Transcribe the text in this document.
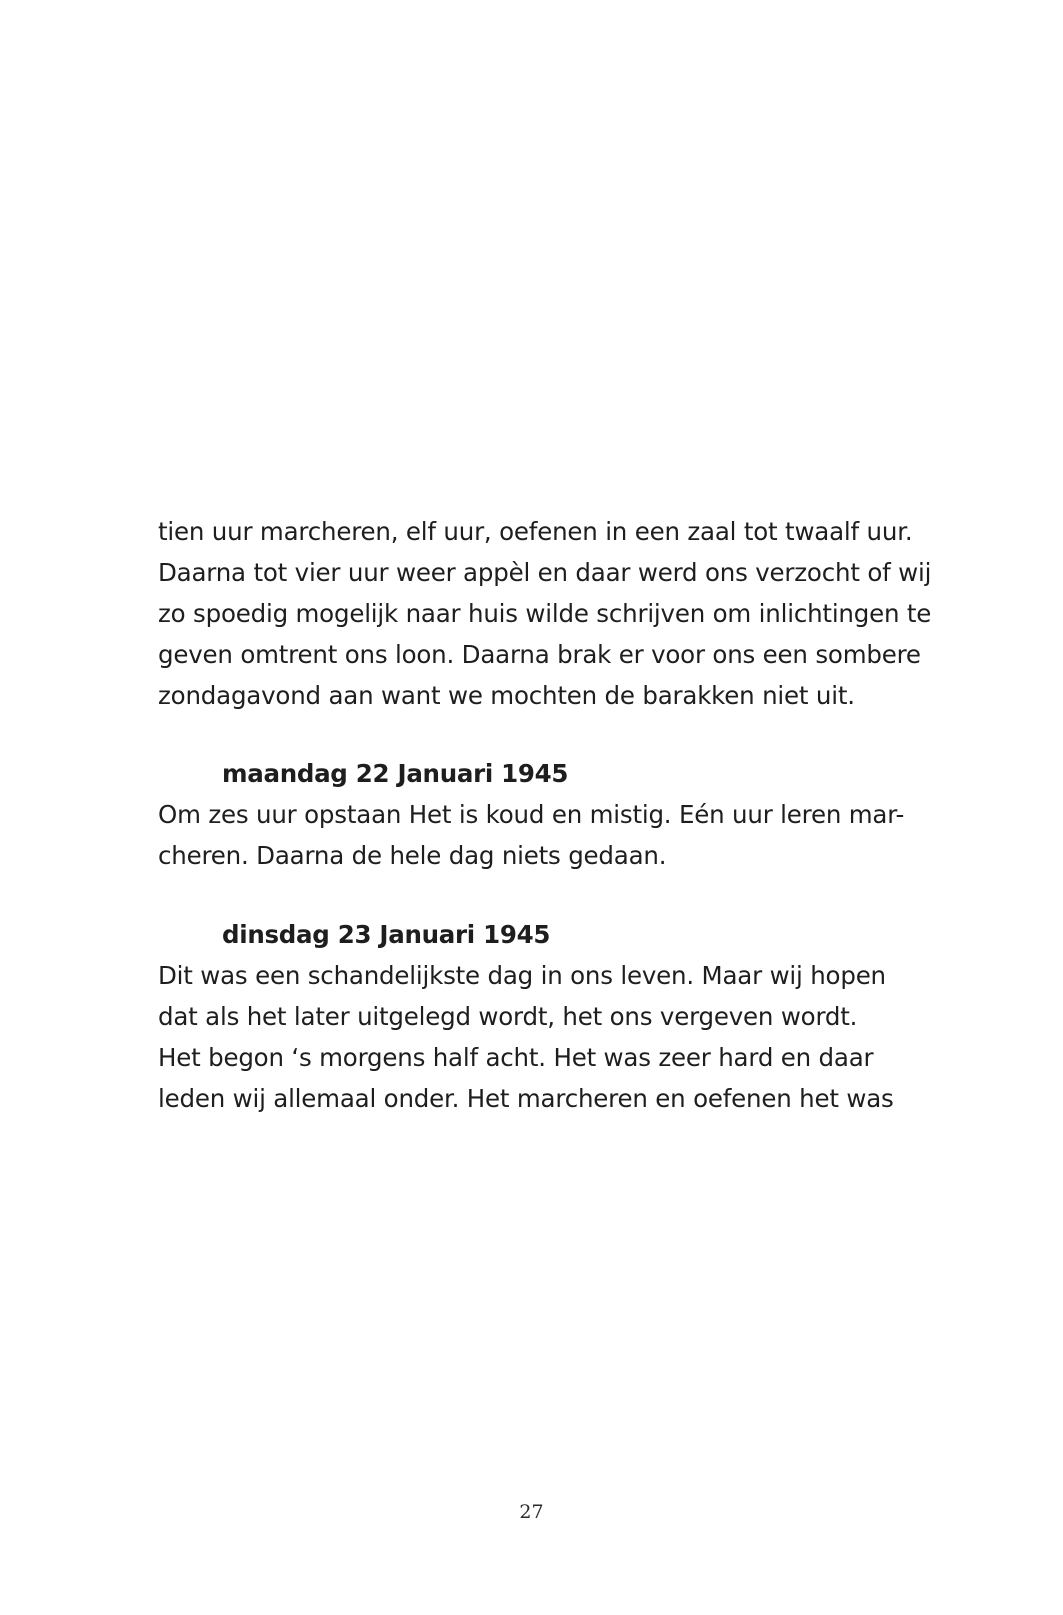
tien uur marcheren, elf uur, oefenen in een zaal tot twaalf uur.
Daarna tot vier uur weer appèl en daar werd ons verzocht of wij
zo spoedig mogelijk naar huis wilde schrijven om inlichtingen te
geven omtrent ons loon. Daarna brak er voor ons een sombere
zondagavond aan want we mochten de barakken niet uit.
maandag 22 Januari 1945
Om zes uur opstaan Het is koud en mistig. Eén uur leren mar-
cheren. Daarna de hele dag niets gedaan.
dinsdag 23 Januari 1945
Dit was een schandelijkste dag in ons leven. Maar wij hopen
dat als het later uitgelegd wordt, het ons vergeven wordt.
Het begon ‘s morgens half acht. Het was zeer hard en daar
leden wij allemaal onder. Het marcheren en oefenen het was
27
